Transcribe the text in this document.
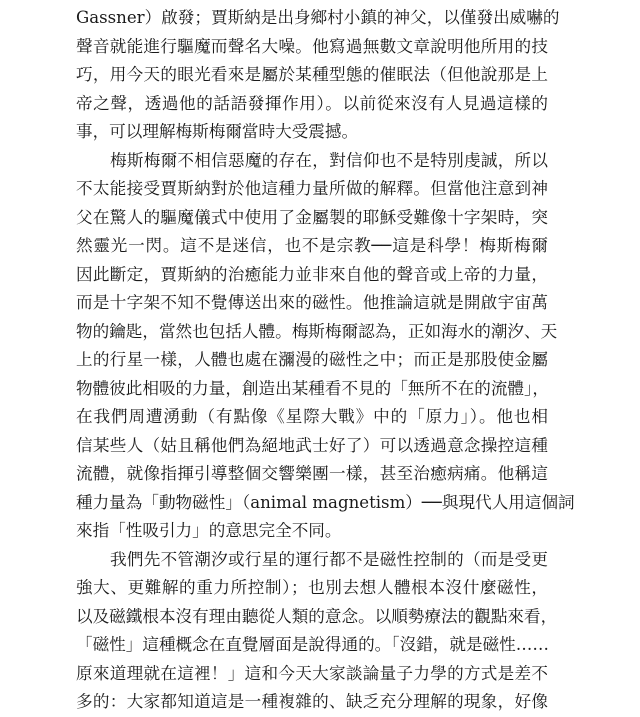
Gassner）啟發；賈斯納是出身鄉村小鎮的神父，以僅發出威嚇的
聲音就能進行驅魔而聲名大噪。他寫過無數文章說明他所用的技
巧，用今天的眼光看來是屬於某種型態的催眠法（但他說那是上
帝之聲，透過他的話語發揮作用）。以前從來沒有人見過這樣的
事，可以理解梅斯梅爾當時大受震撼。
梅斯梅爾不相信惡魔的存在，對信仰也不是特別虔誠，所以
不太能接受賈斯納對於他這種力量所做的解釋。但當他注意到神
父在驚人的驅魔儀式中使用了金屬製的耶穌受難像十字架時，突
然靈光一閃。這不是迷信，也不是宗教──這是科學！梅斯梅爾
因此斷定，賈斯納的治癒能力並非來自他的聲音或上帝的力量，
而是十字架不知不覺傳送出來的磁性。他推論這就是開啟宇宙萬
物的鑰匙，當然也包括人體。梅斯梅爾認為，正如海水的潮汐、天
上的行星一樣，人體也處在瀰漫的磁性之中；而正是那股使金屬
物體彼此相吸的力量，創造出某種看不見的「無所不在的流體」，
在我們周遭湧動（有點像《星際大戰》中的「原力」）。他也相
信某些人（姑且稱他們為絕地武士好了）可以透過意念操控這種
流體，就像指揮引導整個交響樂團一樣，甚至治癒病痛。他稱這
種力量為「動物磁性」（animal magnetism）──與現代人用這個詞
來指「性吸引力」的意思完全不同。
我們先不管潮汐或行星的運行都不是磁性控制的（而是受更
強大、更難解的重力所控制）；也別去想人體根本沒什麼磁性，
以及磁鐵根本沒有理由聽從人類的意念。以順勢療法的觀點來看，
「磁性」這種概念在直覺層面是說得通的。「沒錯，就是磁性……
原來道理就在這裡！」這和今天大家談論量子力學的方式是差不
多的：大家都知道這是一種複雜的、缺乏充分理解的現象，好像
